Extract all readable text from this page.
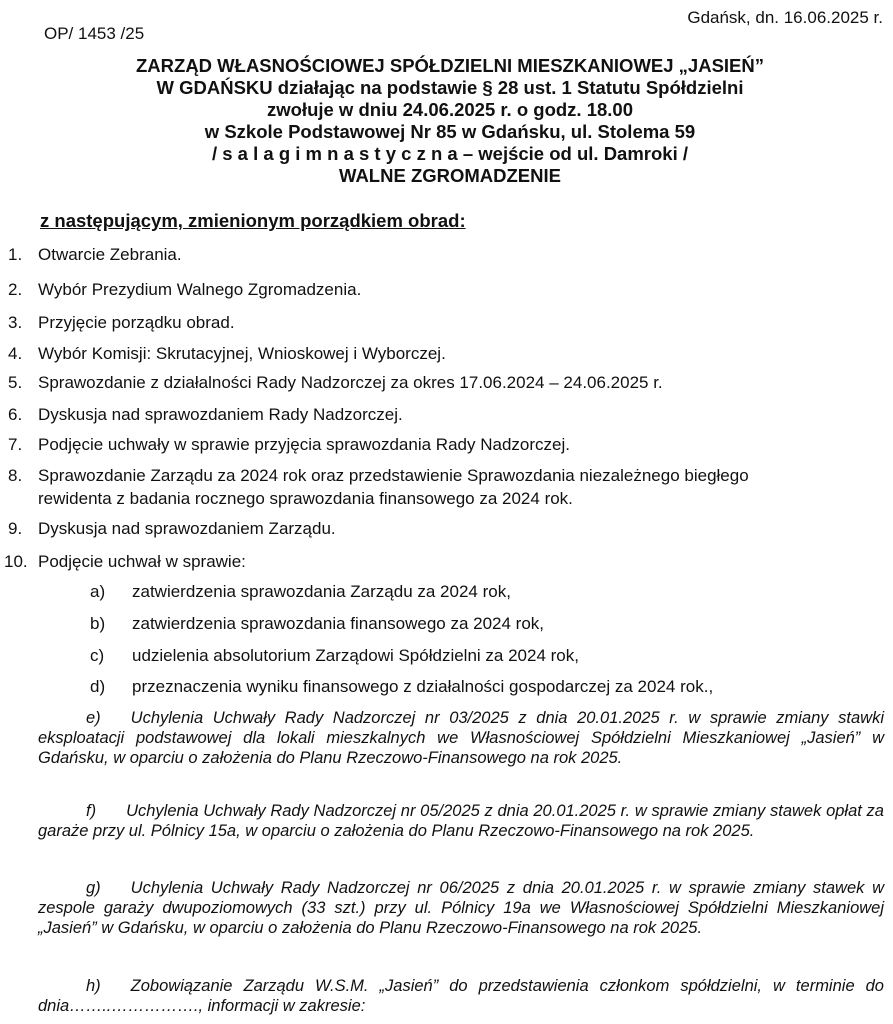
OP/ 1453 /25
Gdańsk, dn. 16.06.2025 r.
ZARZĄD WŁASNOŚCIOWEJ SPÓŁDZIELNI MIESZKANIOWEJ „JASIEŃ”
W GDAŃSKU działając na podstawie § 28 ust. 1 Statutu Spółdzielni
zwołuje w dniu 24.06.2025 r. o godz. 18.00
w Szkole Podstawowej Nr 85 w Gdańsku, ul. Stolema 59
/ s a l a g i m n a s t y c z n a – wejście od ul. Damroki /
WALNE ZGROMADZENIE
z następującym, zmienionym porządkiem obrad:
1. Otwarcie Zebrania.
2. Wybór Prezydium Walnego Zgromadzenia.
3. Przyjęcie porządku obrad.
4. Wybór Komisji: Skrutacyjnej, Wnioskowej i Wyborczej.
5. Sprawozdanie z działalności Rady Nadzorczej za okres 17.06.2024 – 24.06.2025 r.
6. Dyskusja nad sprawozdaniem Rady Nadzorczej.
7. Podjęcie uchwały w sprawie przyjęcia sprawozdania Rady Nadzorczej.
8. Sprawozdanie Zarządu za 2024 rok oraz przedstawienie Sprawozdania niezależnego biegłego
rewidenta z badania rocznego sprawozdania finansowego za 2024 rok.
9. Dyskusja nad sprawozdaniem Zarządu.
10. Podjęcie uchwał w sprawie:
a) zatwierdzenia sprawozdania Zarządu za 2024 rok,
b) zatwierdzenia sprawozdania finansowego za 2024 rok,
c) udzielenia absolutorium Zarządowi Spółdzielni za 2024 rok,
d) przeznaczenia wyniku finansowego z działalności gospodarczej za 2024 rok.,
e) Uchylenia Uchwały Rady Nadzorczej nr 03/2025 z dnia 20.01.2025 r. w sprawie zmiany stawki eksploatacji podstawowej dla lokali mieszkalnych we Własnościowej Spółdzielni Mieszkaniowej „Jasień” w Gdańsku, w oparciu o założenia do Planu Rzeczowo-Finansowego na rok 2025.
f) Uchylenia Uchwały Rady Nadzorczej nr 05/2025 z dnia 20.01.2025 r. w sprawie zmiany stawek opłat za garaże przy ul. Pólnicy 15a, w oparciu o założenia do Planu Rzeczowo-Finansowego na rok 2025.
g) Uchylenia Uchwały Rady Nadzorczej nr 06/2025 z dnia 20.01.2025 r. w sprawie zmiany stawek w zespole garaży dwupoziomowych (33 szt.) przy ul. Pólnicy 19a we Własnościowej Spółdzielni Mieszkaniowej „Jasień” w Gdańsku, w oparciu o założenia do Planu Rzeczowo-Finansowego na rok 2025.
h) Zobowiązanie Zarządu W.S.M. „Jasień” do przedstawienia członkom spółdzielni, w terminie do dnia……..……………., informacji w zakresie:
